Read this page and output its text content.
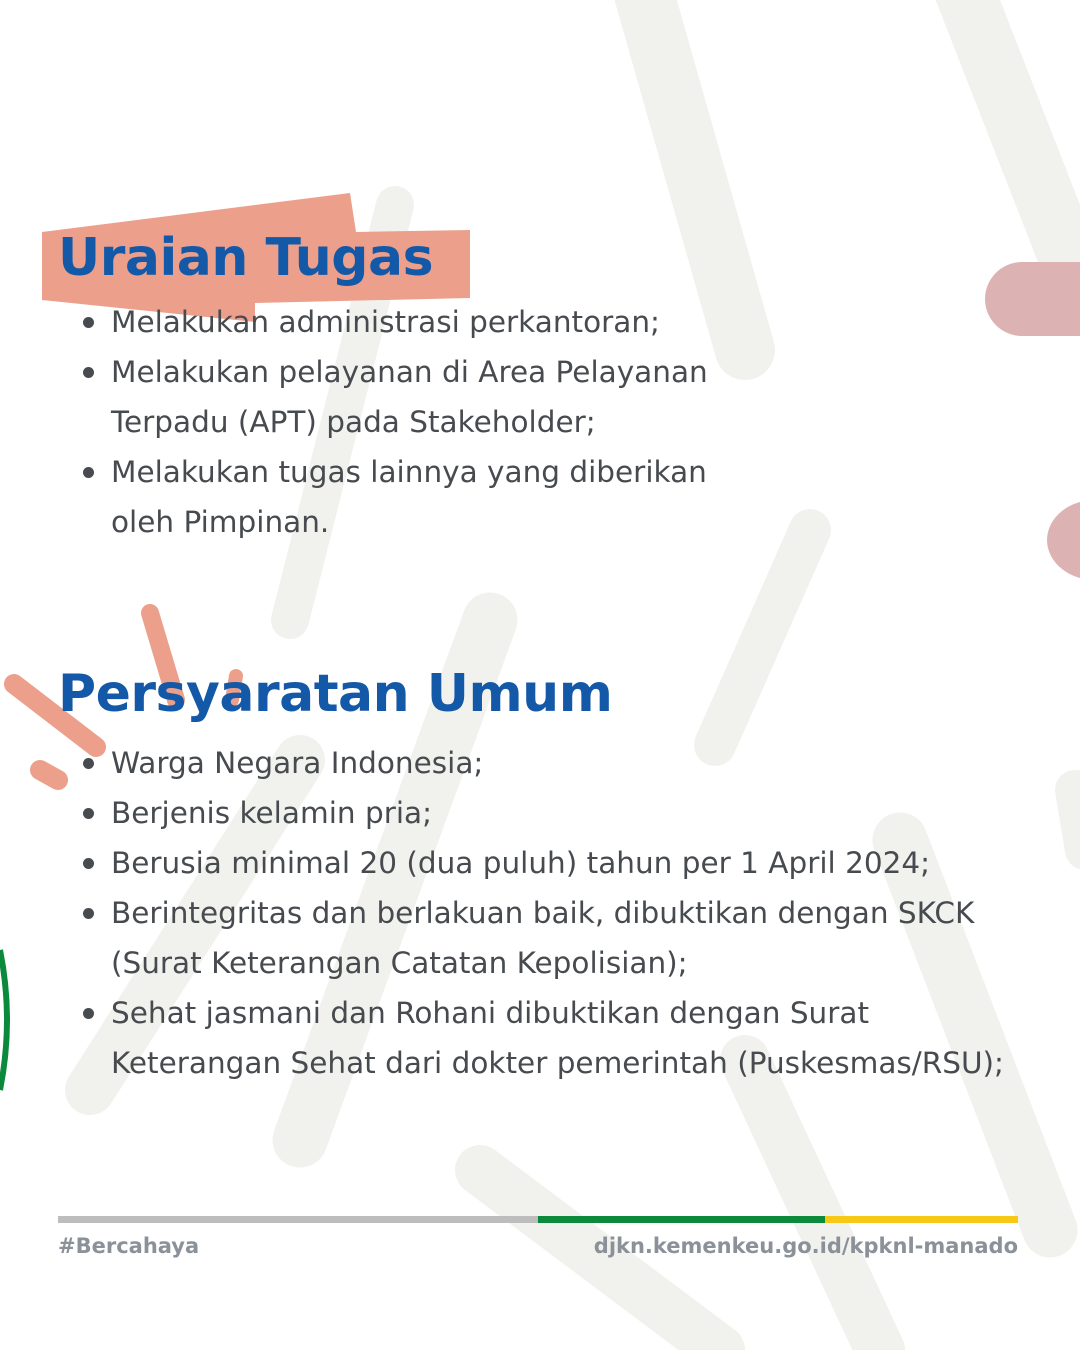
Uraian Tugas
Melakukan administrasi perkantoran;
Melakukan pelayanan di Area Pelayanan Terpadu (APT) pada Stakeholder;
Melakukan tugas lainnya yang diberikan oleh Pimpinan.
Persyaratan Umum
Warga Negara Indonesia;
Berjenis kelamin pria;
Berusia minimal 20 (dua puluh) tahun per 1 April 2024;
Berintegritas dan berlakuan baik, dibuktikan dengan SKCK (Surat Keterangan Catatan Kepolisian);
Sehat jasmani dan Rohani dibuktikan dengan Surat Keterangan Sehat dari dokter pemerintah (Puskesmas/RSU);
#Bercahaya	djkn.kemenkeu.go.id/kpknl-manado
